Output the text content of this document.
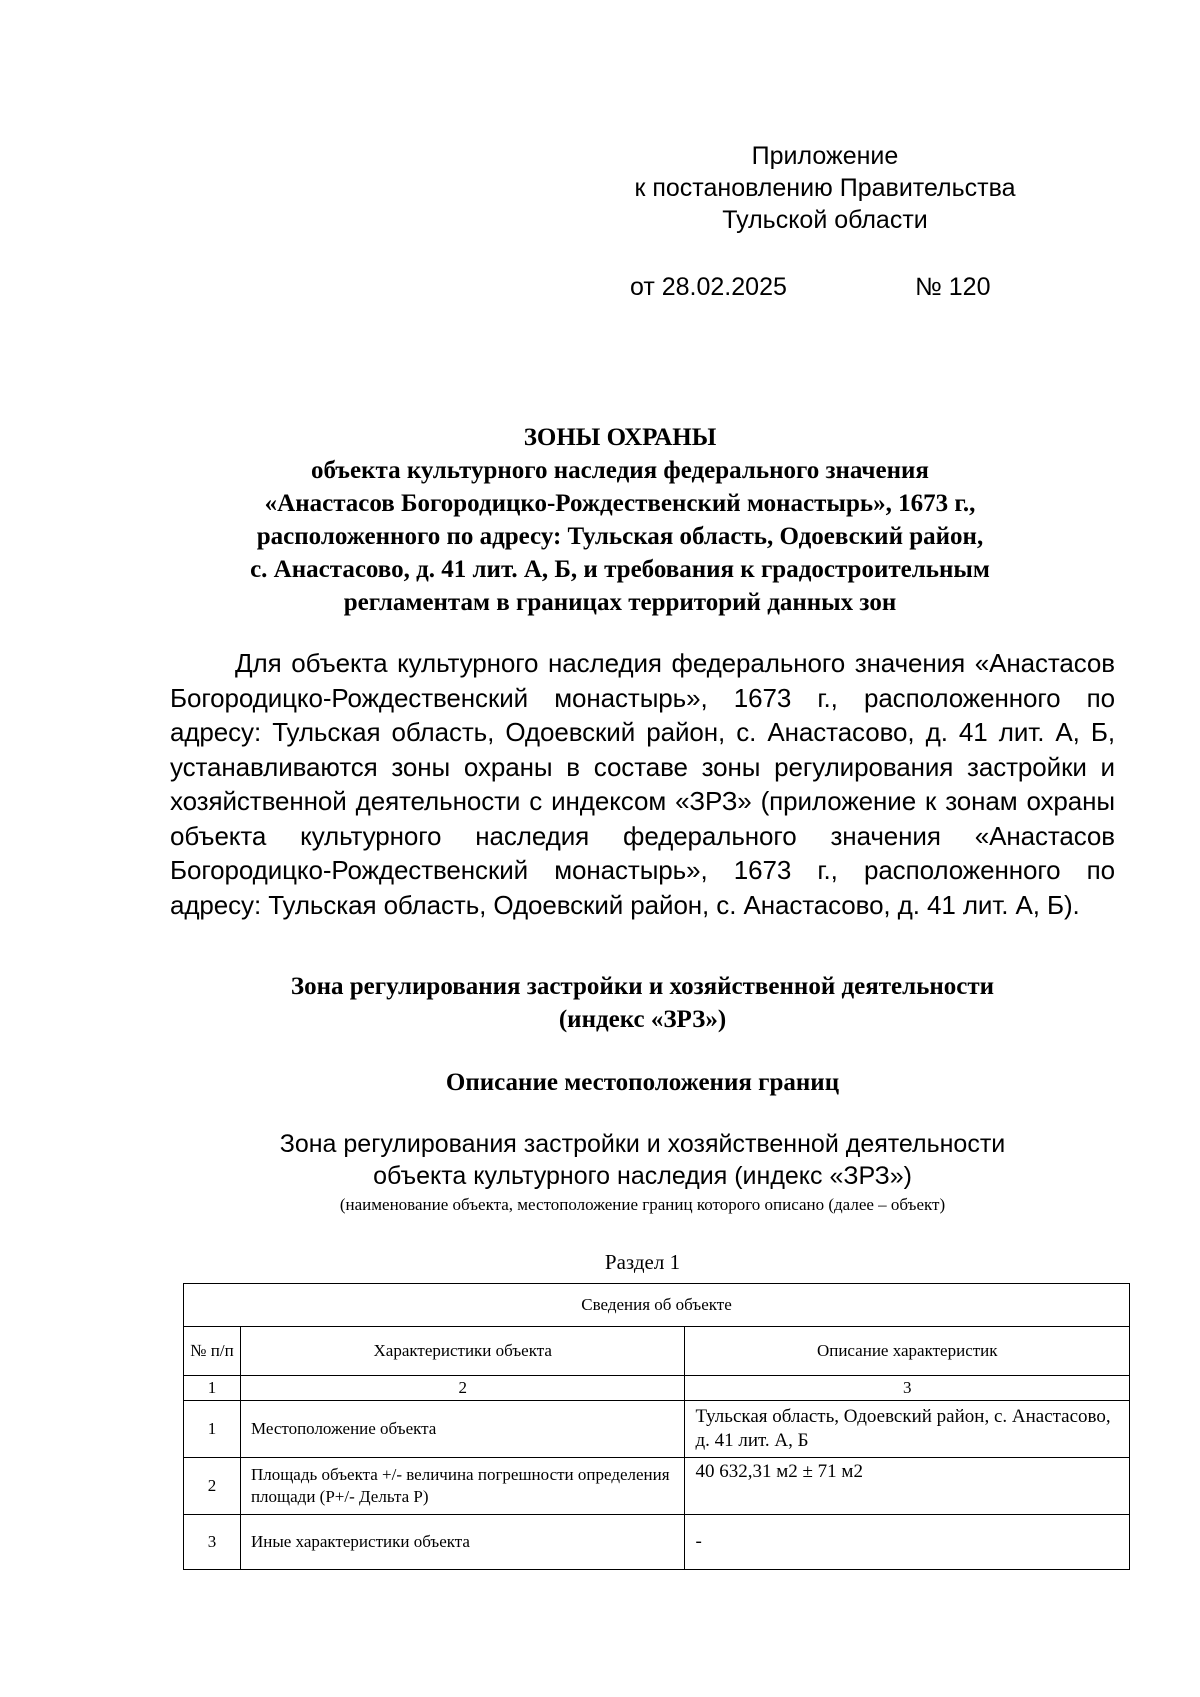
Приложение
к постановлению Правительства
Тульской области
от 28.02.2025	№ 120
ЗОНЫ ОХРАНЫ
объекта культурного наследия федерального значения
«Анастасов Богородицко-Рождественский монастырь», 1673 г.,
расположенного по адресу: Тульская область, Одоевский район,
с. Анастасово, д. 41 лит. А, Б, и требования к градостроительным
регламентам в границах территорий данных зон
Для объекта культурного наследия федерального значения «Анастасов Богородицко-Рождественский монастырь», 1673 г., расположенного по адресу: Тульская область, Одоевский район, с. Анастасово, д. 41 лит. А, Б, устанавливаются зоны охраны в составе зоны регулирования застройки и хозяйственной деятельности с индексом «ЗРЗ» (приложение к зонам охраны объекта культурного наследия федерального значения «Анастасов Богородицко-Рождественский монастырь», 1673 г., расположенного по адресу: Тульская область, Одоевский район, с. Анастасово, д. 41 лит. А, Б).
Зона регулирования застройки и хозяйственной деятельности
(индекс «ЗРЗ»)
Описание местоположения границ
Зона регулирования застройки и хозяйственной деятельности
объекта культурного наследия (индекс «ЗРЗ»)
(наименование объекта, местоположение границ которого описано (далее – объект)
Раздел 1
Сведения об объекте		
№ п/п	Характеристики объекта	Описание характеристик
1	2	3
1	Местоположение объекта	Тульская область, Одоевский район, с. Анастасово, д. 41 лит. А, Б
2	Площадь объекта +/- величина погрешности определения площади (Р+/- Дельта Р)	40 632,31 м2 ± 71 м2
3	Иные характеристики объекта	-
